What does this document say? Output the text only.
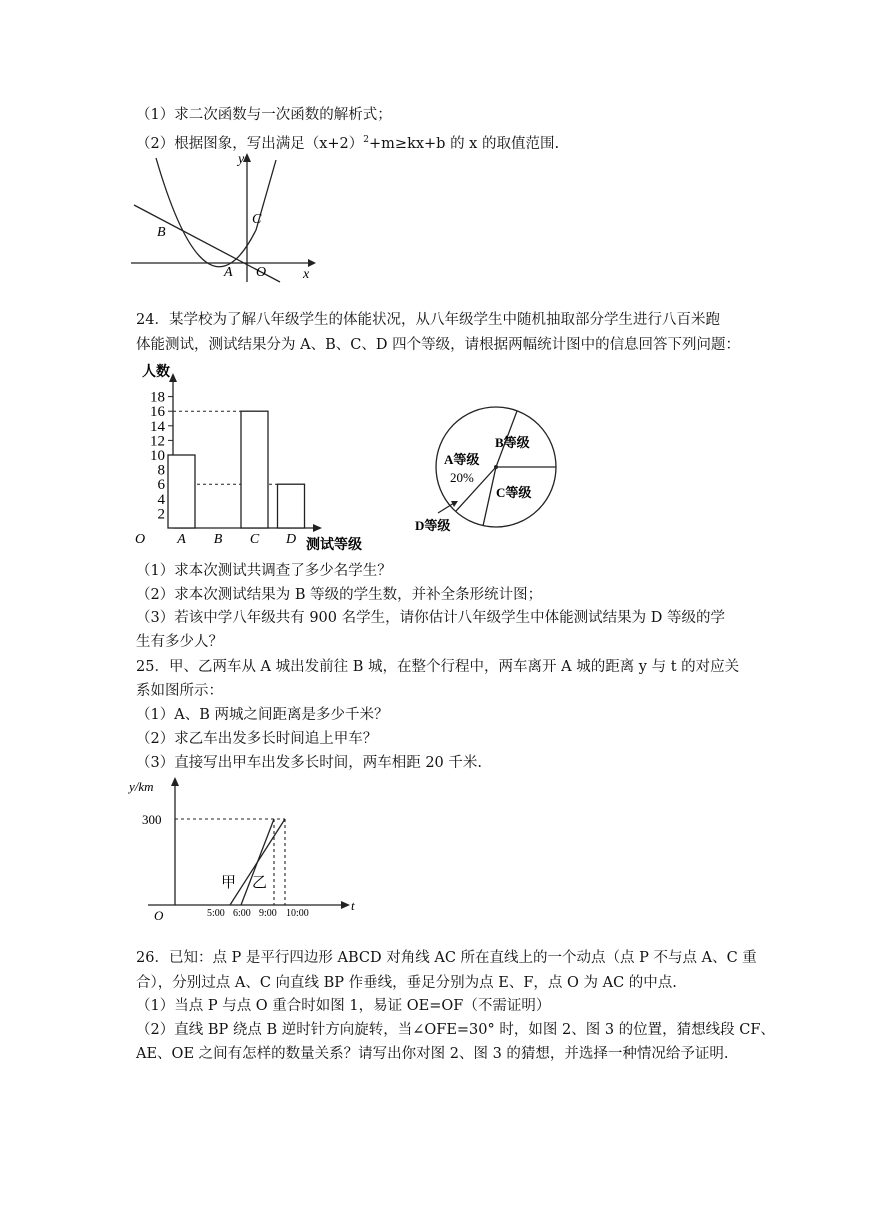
（1）求二次函数与一次函数的解析式；
（2）根据图象，写出满足$(x+2)^2+m\ge kx+b$ 的 x 的取值范围.
y
x
B
C
A O
24．某学校为了解八年级学生的体能状况，从八年级学生中随机抽取部分学生进行八百米跑
体能测试，测试结果分为 A、B、C、D 四个等级，请根据两幅统计图中的信息回答下列问题：
人数
测试等级
O
2
4
6
8
10
12
14
16
18
A B C D
B等级
A等级
20%
C等级
D等级
（1）求本次测试共调查了多少名学生？
（2）求本次测试结果为 B 等级的学生数，并补全条形统计图；
（3）若该中学八年级共有 900 名学生，请你估计八年级学生中体能测试结果为 D 等级的学
生有多少人？
25．甲、乙两车从 A 城出发前往 B 城，在整个行程中，两车离开 A 城的距离 y 与 t 的对应关
系如图所示：
（1）A、B 两城之间距离是多少千米？
（2）求乙车出发多长时间追上甲车？
（3）直接写出甲车出发多长时间，两车相距 20 千米.
y/km
t
O
300
5:00 6:00 9:00 10:00
甲 乙
26．已知：点 P 是平行四边形 ABCD 对角线 AC 所在直线上的一个动点（点 P 不与点 A、C 重
合），分别过点 A、C 向直线 BP 作垂线，垂足分别为点 E、F，点 O 为 AC 的中点.
（1）当点 P 与点 O 重合时如图 1，易证 OE=OF（不需证明）
（2）直线 BP 绕点 B 逆时针方向旋转，当∠OFE=30° 时，如图 2、图 3 的位置，猜想线段 CF、
AE、OE 之间有怎样的数量关系？请写出你对图 2、图 3 的猜想，并选择一种情况给予证明.
